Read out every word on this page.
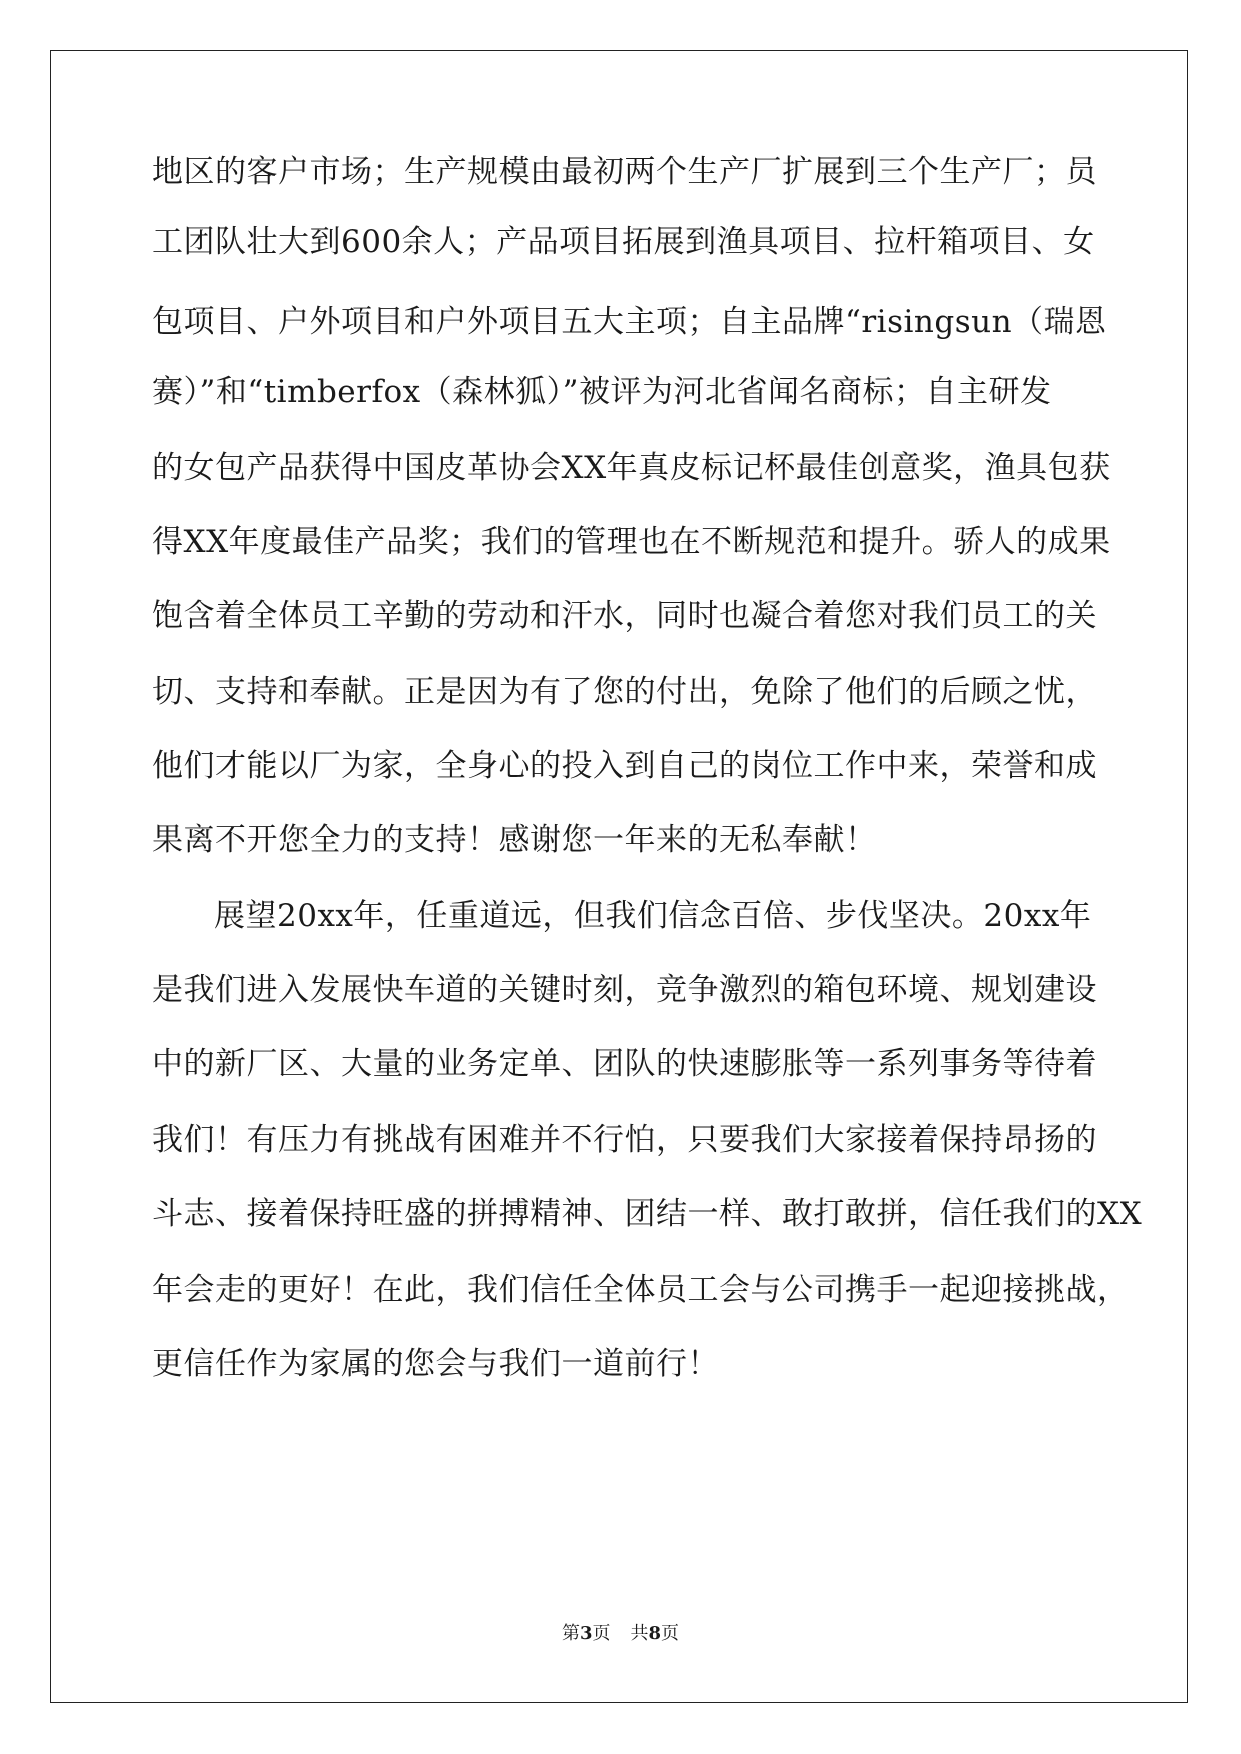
地区的客户市场；生产规模由最初两个生产厂扩展到三个生产厂；员
工团队壮大到600余人；产品项目拓展到渔具项目、拉杆箱项目、女
包项目、户外项目和户外项目五大主项；自主品牌“risingsun（瑞恩
赛）”和“timberfox（森林狐）”被评为河北省闻名商标；自主研发
的女包产品获得中国皮革协会XX年真皮标记杯最佳创意奖，渔具包获
得XX年度最佳产品奖；我们的管理也在不断规范和提升。骄人的成果
饱含着全体员工辛勤的劳动和汗水，同时也凝合着您对我们员工的关
切、支持和奉献。正是因为有了您的付出，免除了他们的后顾之忧，
他们才能以厂为家，全身心的投入到自己的岗位工作中来，荣誉和成
果离不开您全力的支持！感谢您一年来的无私奉献！
展望20xx年，任重道远，但我们信念百倍、步伐坚决。20xx年
是我们进入发展快车道的关键时刻，竞争激烈的箱包环境、规划建设
中的新厂区、大量的业务定单、团队的快速膨胀等一系列事务等待着
我们！有压力有挑战有困难并不行怕，只要我们大家接着保持昂扬的
斗志、接着保持旺盛的拼搏精神、团结一样、敢打敢拼，信任我们的XX
年会走的更好！在此，我们信任全体员工会与公司携手一起迎接挑战，
更信任作为家属的您会与我们一道前行！
第3页 共8页
